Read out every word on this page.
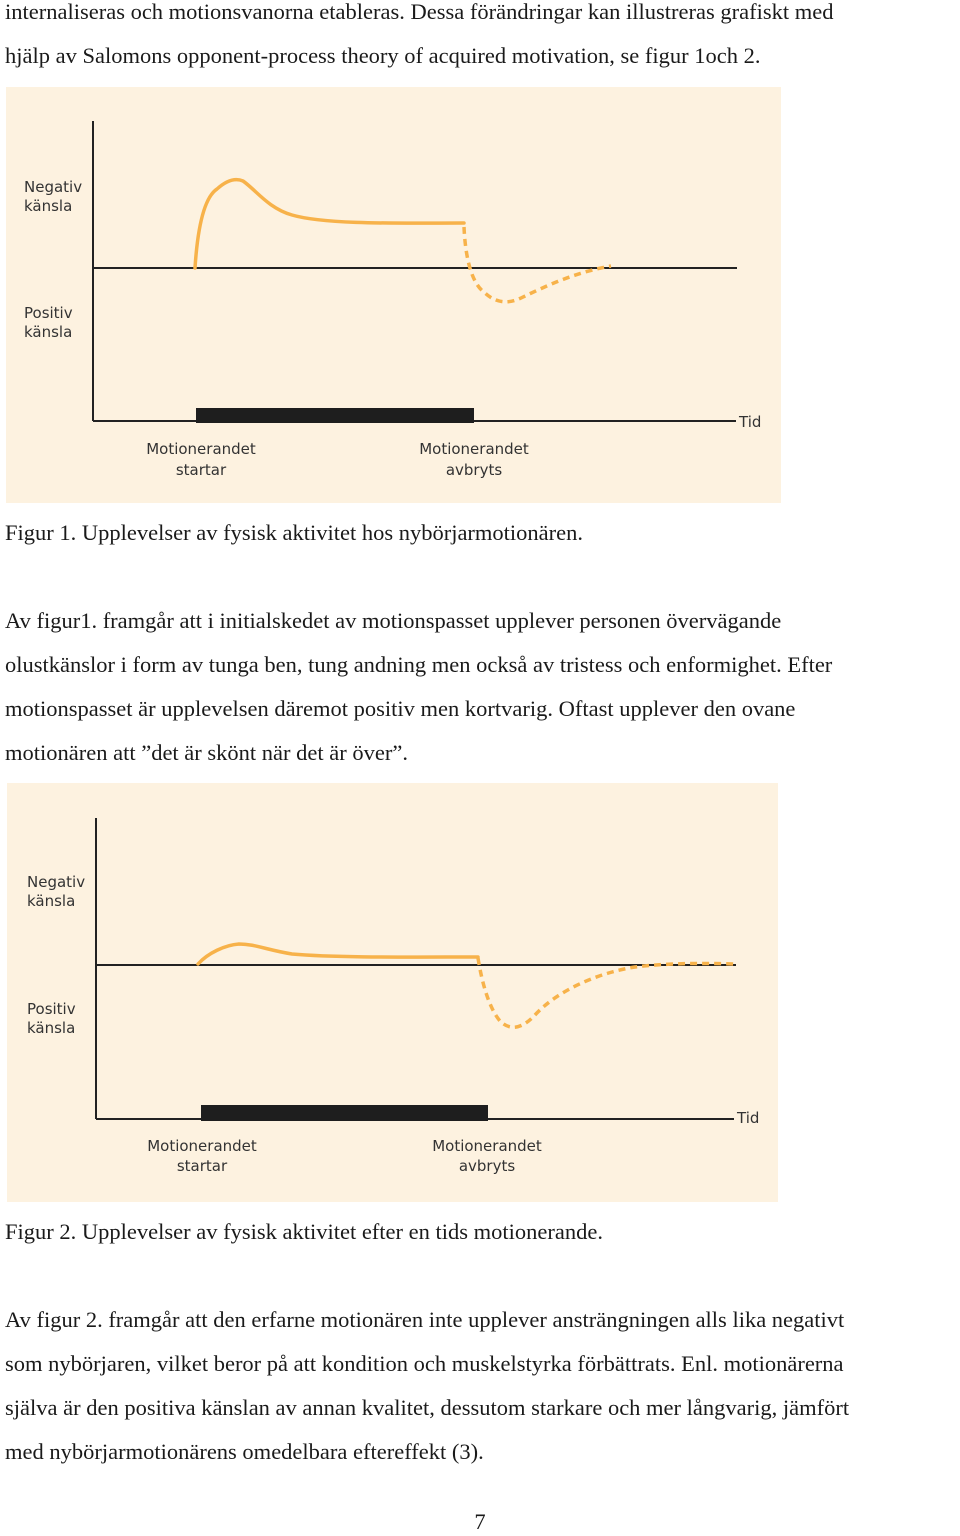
internaliseras och motionsvanorna etableras. Dessa förändringar kan illustreras grafiskt med
hjälp av Salomons opponent-process theory of acquired motivation, se figur 1och 2.
Negativ
känsla
Positiv
känsla
Tid
Motionerandet
startar
Motionerandet
avbryts

Figur 1. Upplevelser av fysisk aktivitet hos nybörjarmotionären.

Av figur1. framgår att i initialskedet av motionspasset upplever personen övervägande
olustkänslor i form av tunga ben, tung andning men också av tristess och enformighet. Efter
motionspasset är upplevelsen däremot positiv men kortvarig. Oftast upplever den ovane
motionären att ”det är skönt när det är över”.
Negativ
känsla
Positiv
känsla
Tid
Motionerandet
startar
Motionerandet
avbryts

Figur 2. Upplevelser av fysisk aktivitet efter en tids motionerande.

Av figur 2. framgår att den erfarne motionären inte upplever ansträngningen alls lika negativt
som nybörjaren, vilket beror på att kondition och muskelstyrka förbättrats. Enl. motionärerna
själva är den positiva känslan av annan kvalitet, dessutom starkare och mer långvarig, jämfört
med nybörjarmotionärens omedelbara eftereffekt (3).
7
